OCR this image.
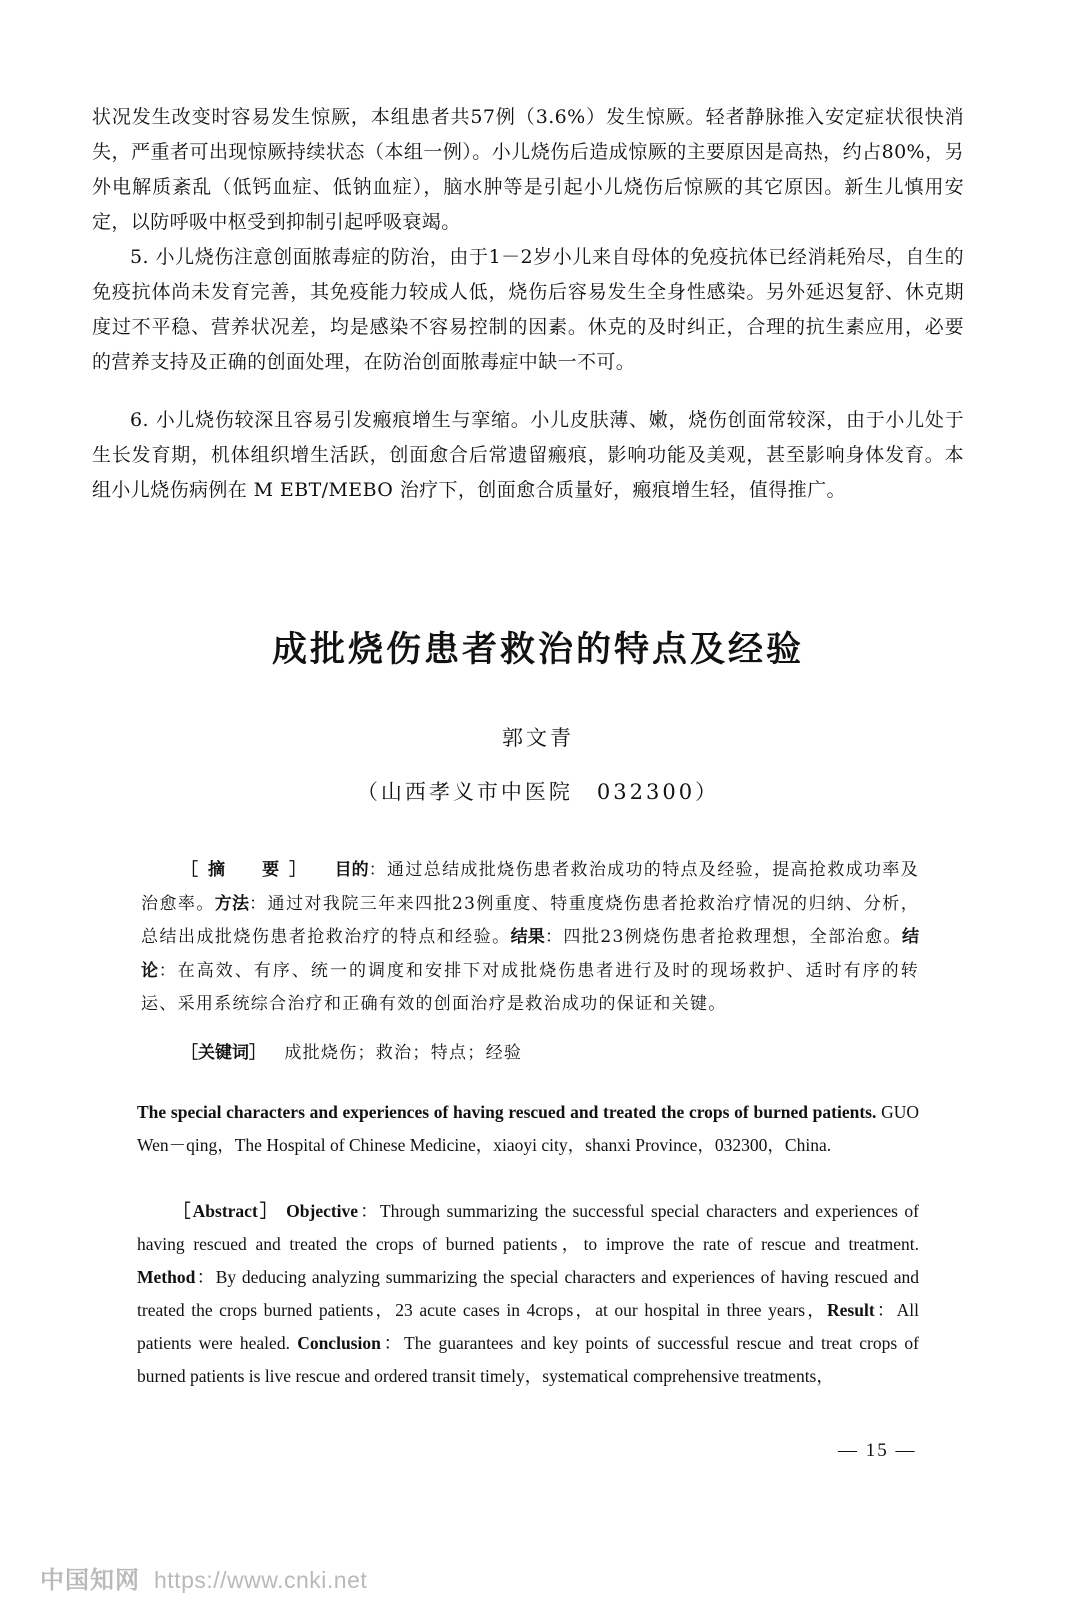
状况发生改变时容易发生惊厥，本组患者共57例（3.6%）发生惊厥。轻者静脉推入安定症状很快消失，严重者可出现惊厥持续状态（本组一例）。小儿烧伤后造成惊厥的主要原因是高热，约占80%，另外电解质紊乱（低钙血症、低钠血症），脑水肿等是引起小儿烧伤后惊厥的其它原因。新生儿慎用安定，以防呼吸中枢受到抑制引起呼吸衰竭。

5. 小儿烧伤注意创面脓毒症的防治，由于1－2岁小儿来自母体的免疫抗体已经消耗殆尽，自生的免疫抗体尚未发育完善，其免疫能力较成人低，烧伤后容易发生全身性感染。另外延迟复舒、休克期度过不平稳、营养状况差，均是感染不容易控制的因素。休克的及时纠正，合理的抗生素应用，必要的营养支持及正确的创面处理，在防治创面脓毒症中缺一不可。

6. 小儿烧伤较深且容易引发瘢痕增生与挛缩。小儿皮肤薄、嫩，烧伤创面常较深，由于小儿处于生长发育期，机体组织增生活跃，创面愈合后常遗留瘢痕，影响功能及美观，甚至影响身体发育。本组小儿烧伤病例在 M EBT/MEBO 治疗下，创面愈合质量好，瘢痕增生轻，值得推广。

成批烧伤患者救治的特点及经验
郭文青
（山西孝义市中医院　032300）

［摘　要］  目的：通过总结成批烧伤患者救治成功的特点及经验，提高抢救成功率及治愈率。方法：通过对我院三年来四批23例重度、特重度烧伤患者抢救治疗情况的归纳、分析，总结出成批烧伤患者抢救治疗的特点和经验。结果：四批23例烧伤患者抢救理想，全部治愈。结论：在高效、有序、统一的调度和安排下对成批烧伤患者进行及时的现场救护、适时有序的转运、采用系统综合治疗和正确有效的创面治疗是救治成功的保证和关键。

［关键词］  成批烧伤；救治；特点；经验

The special characters and experiences of having rescued and treated the crops of burned patients. GUO Wen－qing，The Hospital of Chinese Medicine，xiaoyi city，shanxi Province，032300，China.

［Abstract］ Objective：Through summarizing the successful special characters and experiences of having rescued and treated the crops of burned patients，to improve the rate of rescue and treatment. Method：By deducing analyzing summarizing the special characters and experiences of having rescued and treated the crops burned patients，23 acute cases in 4crops，at our hospital in three years，Result：All patients were healed. Conclusion：The guarantees and key points of successful rescue and treat crops of burned patients is live rescue and ordered transit timely，systematical comprehensive treatments，

— 15 —
中国知网 https://www.cnki.net
